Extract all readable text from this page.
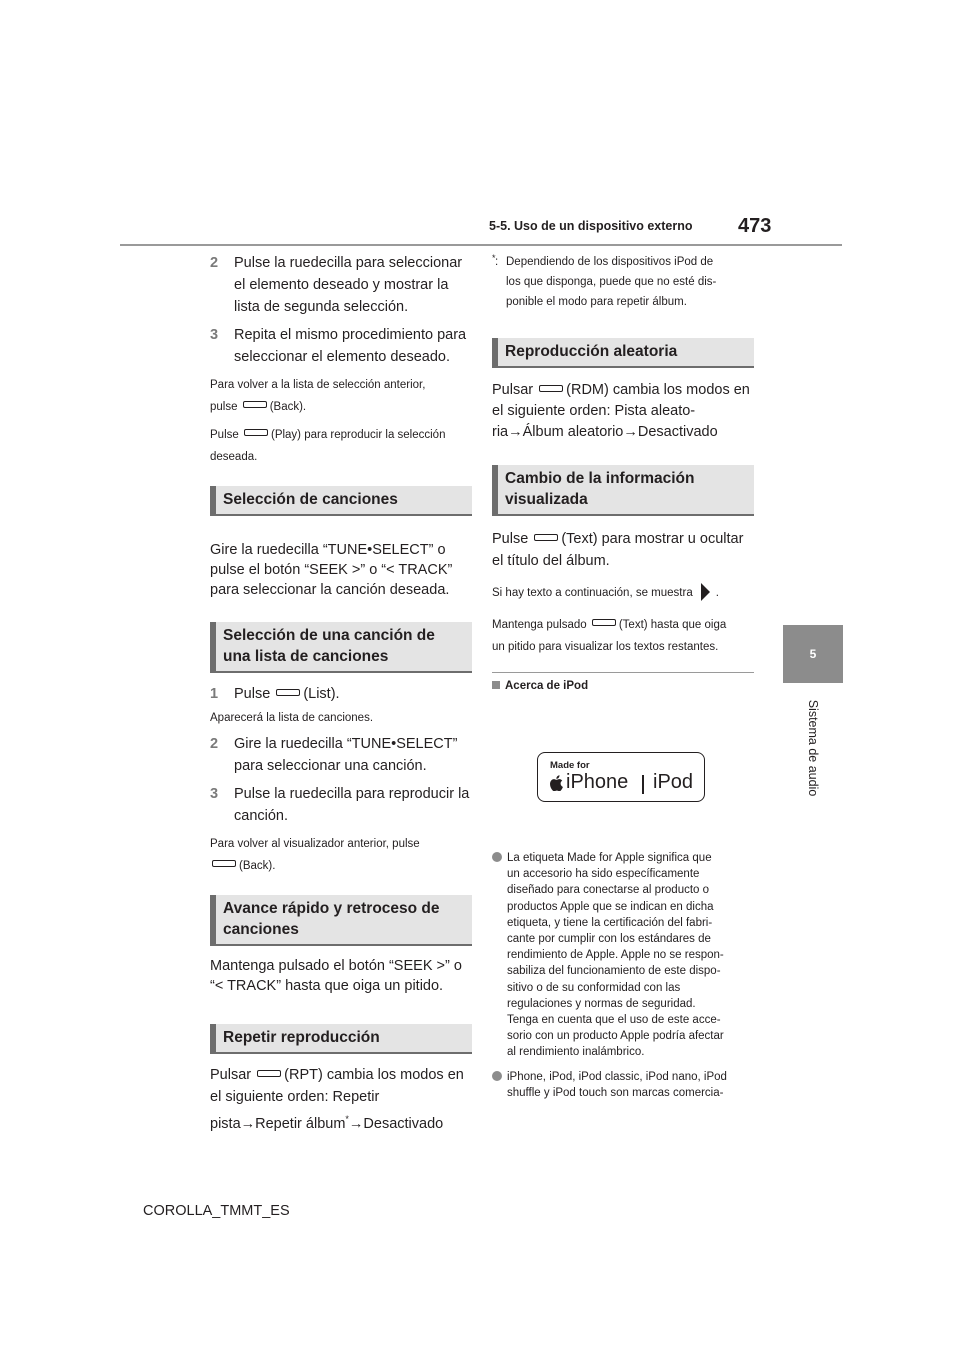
5-5. Uso de un dispositivo externo 473
5
Sistema de audio
2 Pulse la ruedecilla para seleccionar el elemento deseado y mostrar la lista de segunda selección.
3 Repita el mismo procedimiento para seleccionar el elemento deseado.
Para volver a la lista de selección anterior,
pulse	(Back).
Pulse	(Play) para reproducir la selección
deseada.
Selección de canciones
Gire la ruedecilla “TUNE•SELECT” o pulse el botón “SEEK >” o “< TRACK” para seleccionar la canción deseada.
Selección de una canción de una lista de canciones
1 Pulse (List).
Aparecerá la lista de canciones.
2 Gire la ruedecilla “TUNE•SELECT” para seleccionar una canción.
3 Pulse la ruedecilla para reproducir la canción.
Para volver al visualizador anterior, pulse
(Back).
Avance rápido y retroceso de canciones
Mantenga pulsado el botón “SEEK >” o “< TRACK” hasta que oiga un pitido.
Repetir reproducción
Pulsar (RPT) cambia los modos en
el siguiente orden: Repetir
pista→Repetir álbum*→Desactivado
* : Dependiendo de los dispositivos iPod de
los que disponga, puede que no esté dis-
ponible el modo para repetir álbum.
Reproducción aleatoria
Pulsar (RDM) cambia los modos en
el siguiente orden: Pista aleato-
ria→Álbum aleatorio→Desactivado
Cambio de la información visualizada
Pulse (Text) para mostrar u ocultar
el título del álbum.
Si hay texto a continuación, se muestra .
Mantenga pulsado	(Text) hasta que oiga
un pitido para visualizar los textos restantes.
Acerca de iPod
Made for
iPhone iPod
La etiqueta Made for Apple significa que
un accesorio ha sido específicamente
diseñado para conectarse al producto o
productos Apple que se indican en dicha
etiqueta, y tiene la certificación del fabri-
cante por cumplir con los estándares de
rendimiento de Apple. Apple no se respon-
sabiliza del funcionamiento de este dispo-
sitivo o de su conformidad con las
regulaciones y normas de seguridad.
Tenga en cuenta que el uso de este acce-
sorio con un producto Apple podría afectar
al rendimiento inalámbrico.
iPhone, iPod, iPod classic, iPod nano, iPod
shuffle y iPod touch son marcas comercia-
COROLLA_TMMT_ES
